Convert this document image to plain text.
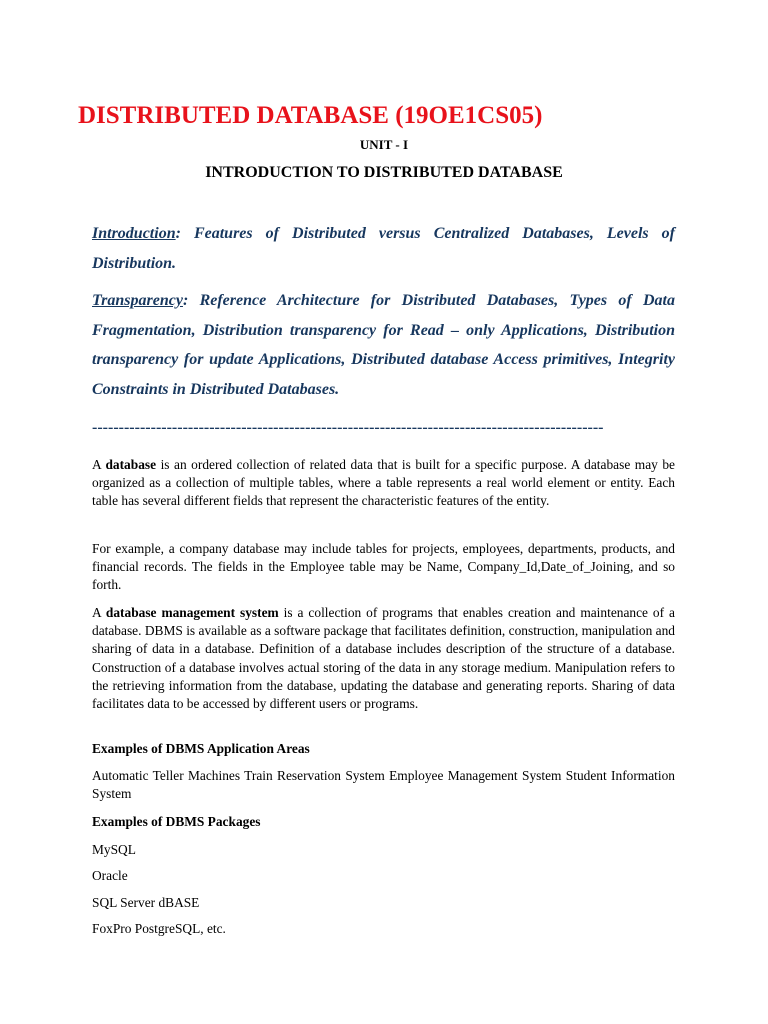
DISTRIBUTED DATABASE (19OE1CS05)
UNIT - I
INTRODUCTION TO DISTRIBUTED DATABASE

Introduction: Features of Distributed versus Centralized Databases, Levels of Distribution.

Transparency: Reference Architecture for Distributed Databases, Types of Data Fragmentation, Distribution transparency for Read – only Applications, Distribution transparency for update Applications, Distributed database Access primitives, Integrity Constraints in Distributed Databases.

------------------------------------------------------------------------------------------------

A database is an ordered collection of related data that is built for a specific purpose. A database may be organized as a collection of multiple tables, where a table represents a real world element or entity. Each table has several different fields that represent the characteristic features of the entity.

For example, a company database may include tables for projects, employees, departments, products, and financial records. The fields in the Employee table may be Name, Company_Id,Date_of_Joining, and so forth.

A database management system is a collection of programs that enables creation and maintenance of a database. DBMS is available as a software package that facilitates definition, construction, manipulation and sharing of data in a database. Definition of a database includes description of the structure of a database. Construction of a database involves actual storing of the data in any storage medium. Manipulation refers to the retrieving information from the database, updating the database and generating reports. Sharing of data facilitates data to be accessed by different users or programs.

Examples of DBMS Application Areas

Automatic Teller Machines Train Reservation System Employee Management System Student Information System

Examples of DBMS Packages
MySQL
Oracle
SQL Server dBASE
FoxPro PostgreSQL, etc.
